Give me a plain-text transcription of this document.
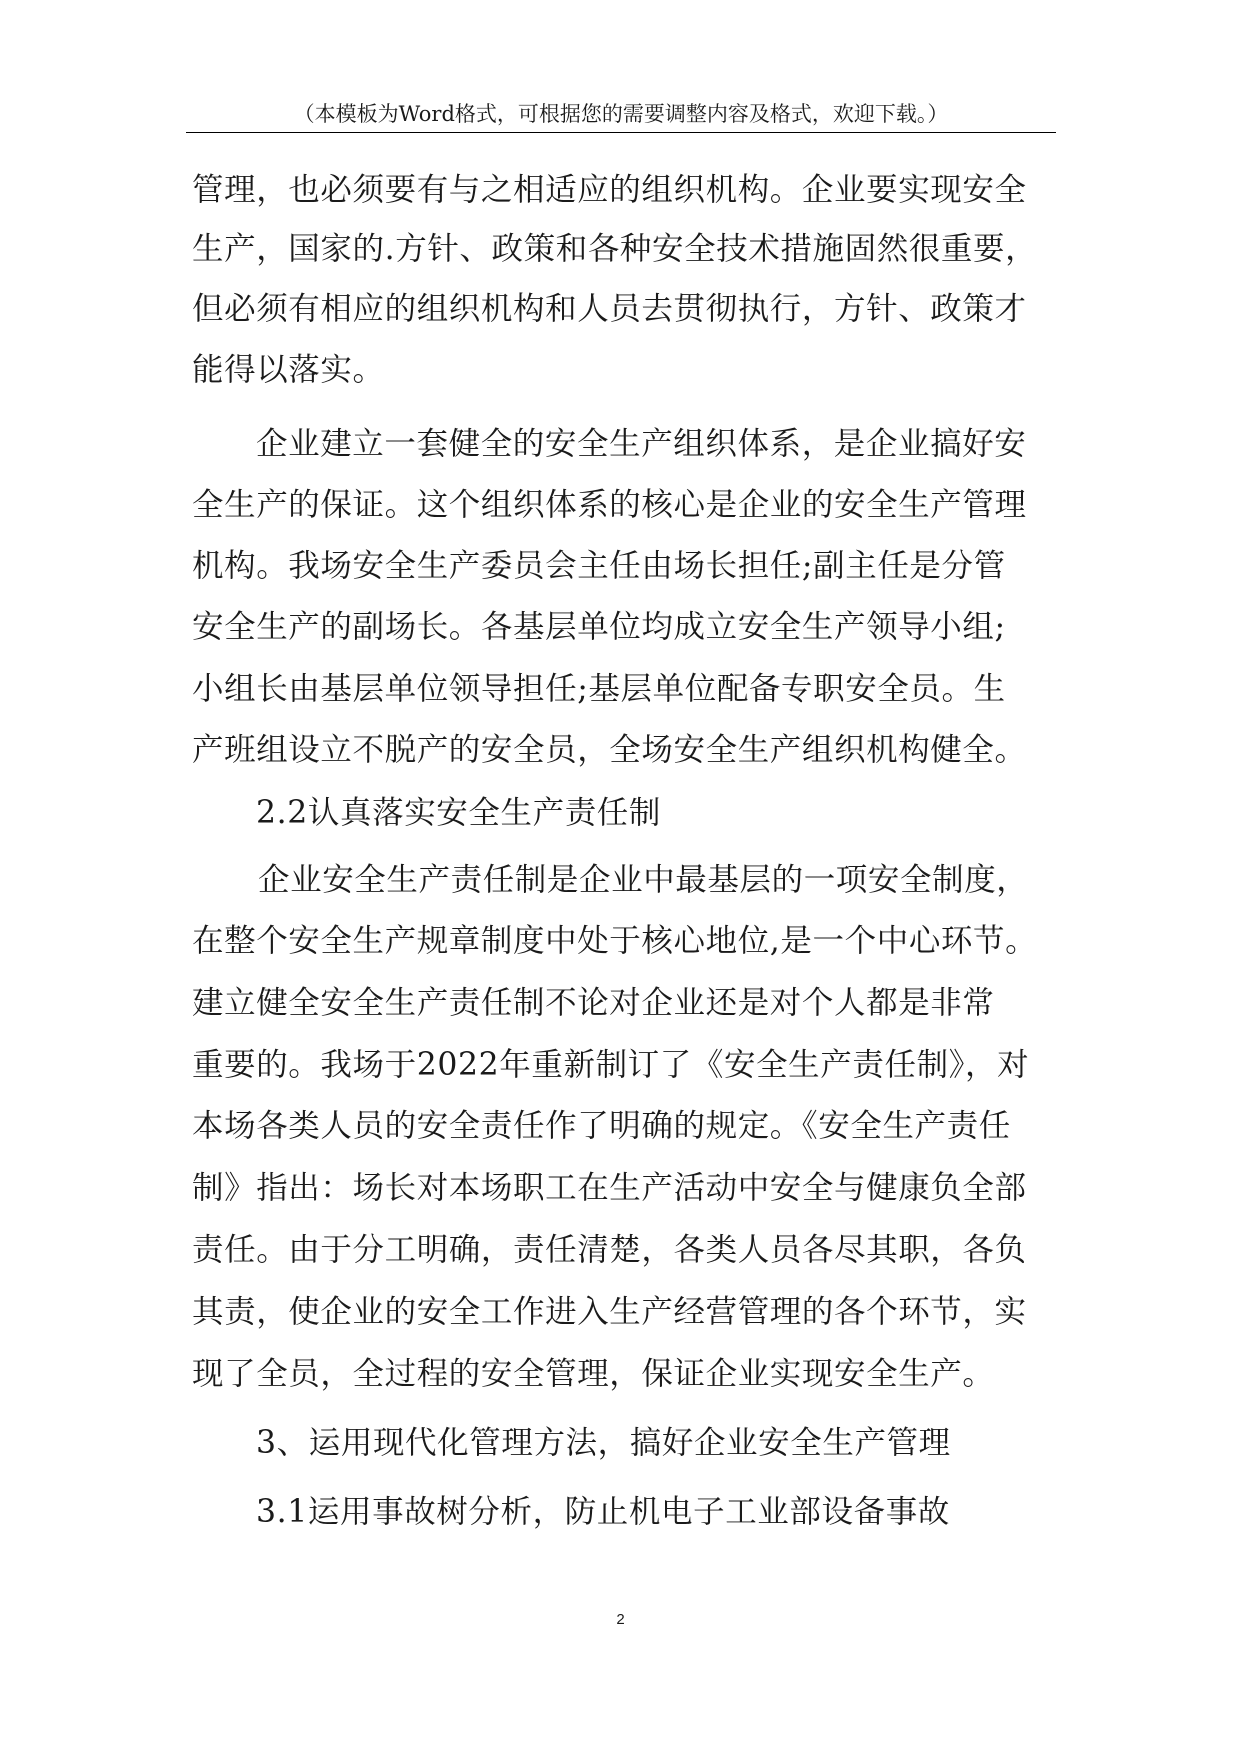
（本模板为Word格式，可根据您的需要调整内容及格式，欢迎下载。）
管理，也必须要有与之相适应的组织机构。企业要实现安全
生产，国家的.方针、政策和各种安全技术措施固然很重要，
但必须有相应的组织机构和人员去贯彻执行，方针、政策才
能得以落实。
企业建立一套健全的安全生产组织体系，是企业搞好安
全生产的保证。这个组织体系的核心是企业的安全生产管理
机构。我场安全生产委员会主任由场长担任;副主任是分管
安全生产的副场长。各基层单位均成立安全生产领导小组;
小组长由基层单位领导担任;基层单位配备专职安全员。生
产班组设立不脱产的安全员，全场安全生产组织机构健全。
2.2认真落实安全生产责任制
企业安全生产责任制是企业中最基层的一项安全制度，
在整个安全生产规章制度中处于核心地位,是一个中心环节。
建立健全安全生产责任制不论对企业还是对个人都是非常
重要的。我场于2022年重新制订了《安全生产责任制》，对
本场各类人员的安全责任作了明确的规定。《安全生产责任
制》指出：场长对本场职工在生产活动中安全与健康负全部
责任。由于分工明确，责任清楚，各类人员各尽其职，各负
其责，使企业的安全工作进入生产经营管理的各个环节，实
现了全员，全过程的安全管理，保证企业实现安全生产。
3、运用现代化管理方法，搞好企业安全生产管理
3.1运用事故树分析，防止机电子工业部设备事故
2
